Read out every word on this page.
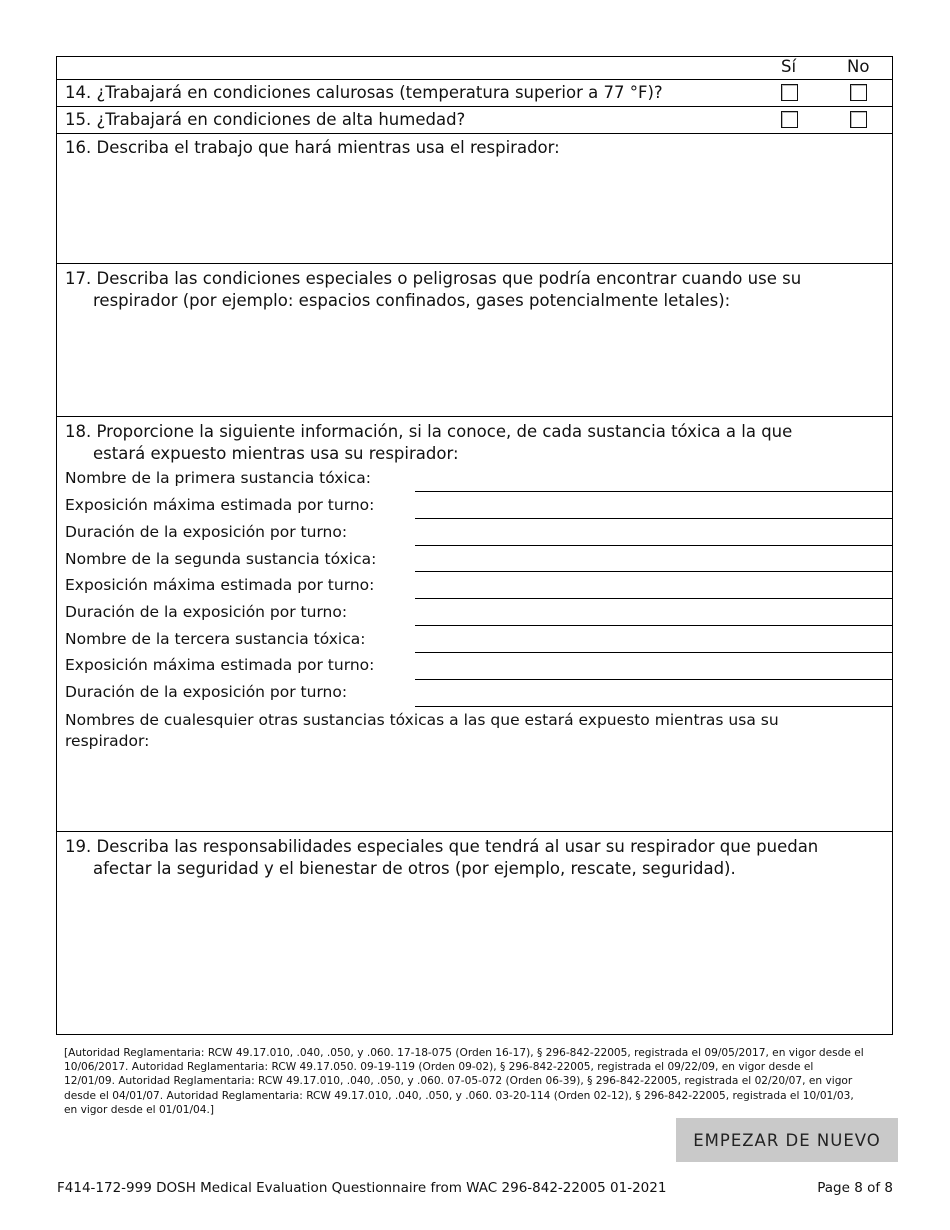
Sí	No
14. ¿Trabajará en condiciones calurosas (temperatura superior a 77 °F)?
15. ¿Trabajará en condiciones de alta humedad?
16. Describa el trabajo que hará mientras usa el respirador:
17. Describa las condiciones especiales o peligrosas que podría encontrar cuando use su
respirador (por ejemplo: espacios confinados, gases potencialmente letales):
18. Proporcione la siguiente información, si la conoce, de cada sustancia tóxica a la que
estará expuesto mientras usa su respirador:
Nombre de la primera sustancia tóxica:
Exposición máxima estimada por turno:
Duración de la exposición por turno:
Nombre de la segunda sustancia tóxica:
Exposición máxima estimada por turno:
Duración de la exposición por turno:
Nombre de la tercera sustancia tóxica:
Exposición máxima estimada por turno:
Duración de la exposición por turno:
Nombres de cualesquier otras sustancias tóxicas a las que estará expuesto mientras usa su
respirador:
19. Describa las responsabilidades especiales que tendrá al usar su respirador que puedan
afectar la seguridad y el bienestar de otros (por ejemplo, rescate, seguridad).
[Autoridad Reglamentaria: RCW 49.17.010, .040, .050, y .060. 17-18-075 (Orden 16-17), § 296-842-22005, registrada el 09/05/2017, en vigor desde el
10/06/2017. Autoridad Reglamentaria: RCW 49.17.050. 09-19-119 (Orden 09-02), § 296-842-22005, registrada el 09/22/09, en vigor desde el
12/01/09. Autoridad Reglamentaria: RCW 49.17.010, .040, .050, y .060. 07-05-072 (Orden 06-39), § 296-842-22005, registrada el 02/20/07, en vigor
desde el 04/01/07. Autoridad Reglamentaria: RCW 49.17.010, .040, .050, y .060. 03-20-114 (Orden 02-12), § 296-842-22005, registrada el 10/01/03,
en vigor desde el 01/01/04.]
EMPEZAR DE NUEVO
F414-172-999 DOSH Medical Evaluation Questionnaire from WAC 296-842-22005 01-2021	Page 8 of 8
